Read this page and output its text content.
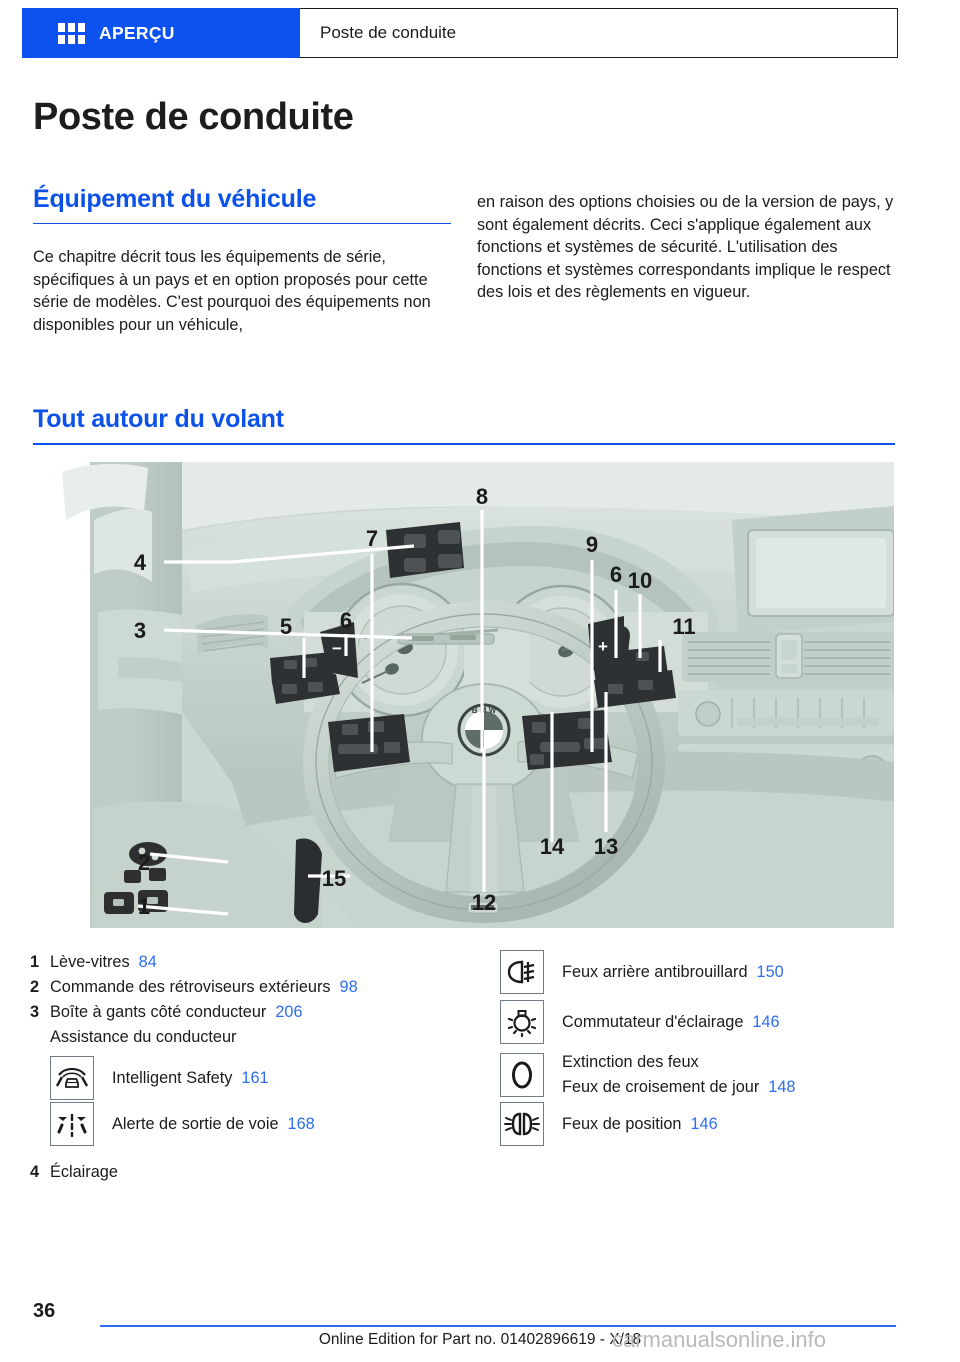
APERÇU	Poste de conduite
Poste de conduite
Équipement du véhicule

Ce chapitre décrit tous les équipements de série, spécifiques à un pays et en option proposés pour cette série de modèles. C'est pourquoi des équipements non disponibles pour un véhicule,

en raison des options choisies ou de la version de pays, y sont également décrits. Ceci s'applique également aux fonctions et systèmes de sécurité. L'utilisation des fonctions et systèmes correspondants implique le respect des lois et des règlements en vigueur.

Tout autour du volant
B M W
−	+
1
2
3
4
5 6
7
8
9
6 10
11
12
13
14
15
1 Lève-vitres 84
2 Commande des rétroviseurs extérieurs 98
3 Boîte à gants côté conducteur 206
Assistance du conducteur
Intelligent Safety 161
Alerte de sortie de voie 168
4 Éclairage
Feux arrière antibrouillard 150
Commutateur d'éclairage 146
Extinction des feux
Feux de croisement de jour 148
Feux de position 146
36
Online Edition for Part no. 01402896619 - X/18
carmanualsonline.info
